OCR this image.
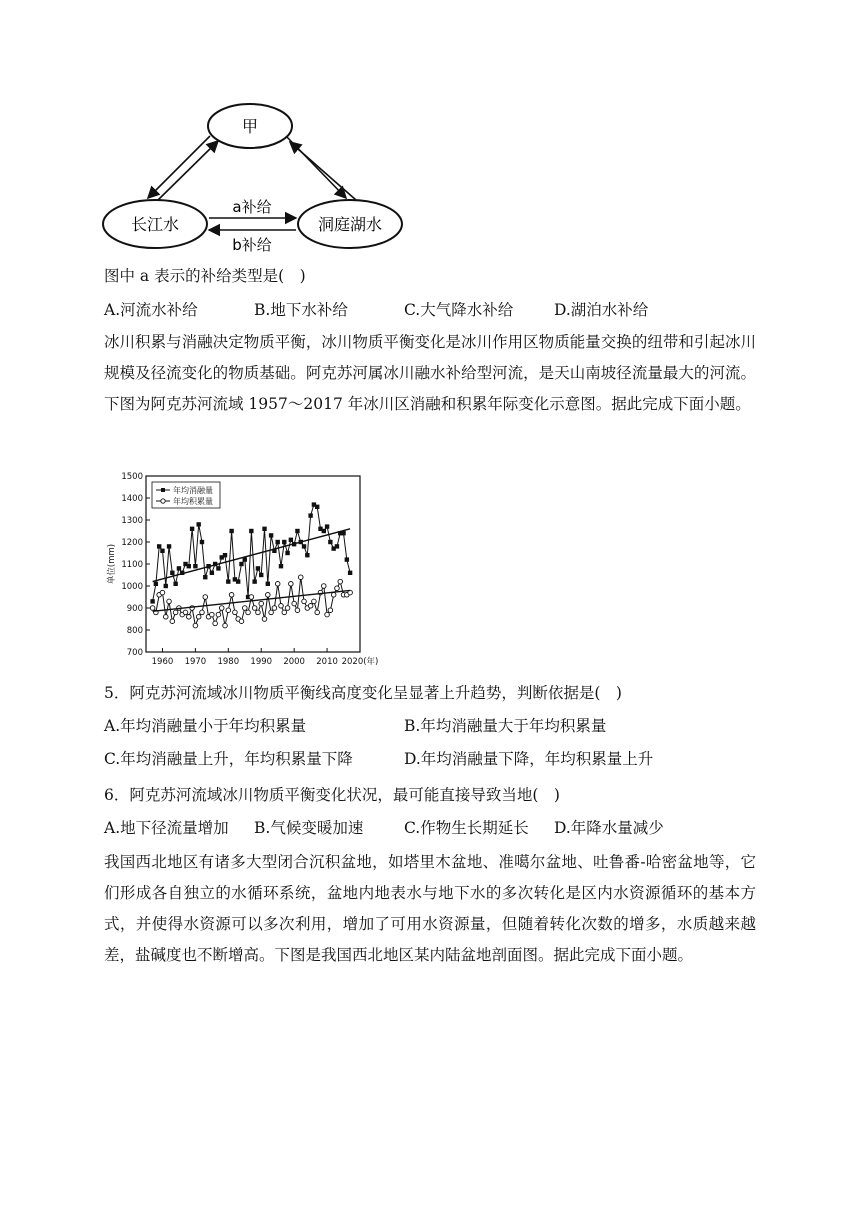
甲
长江水	洞庭湖水
a补给
b补给
图中 a 表示的补给类型是(　)
A.河流水补给	B.地下水补给	C.大气降水补给	D.湖泊水补给
冰川积累与消融决定物质平衡，冰川物质平衡变化是冰川作用区物质能量交换的纽带和引起冰川规模及径流变化的物质基础。阿克苏河属冰川融水补给型河流，是天山南坡径流量最大的河流。下图为阿克苏河流域 1957～2017 年冰川区消融和积累年际变化示意图。据此完成下面小题。
700
800
900
1000
1100
1200
1300
1400
1500
1960 1970 1980 1990 2000 2010 2020(年)
单位(mm)
年均消融量
年均积累量
5．阿克苏河流域冰川物质平衡线高度变化呈显著上升趋势，判断依据是(　)
A.年均消融量小于年均积累量	B.年均消融量大于年均积累量
C.年均消融量上升，年均积累量下降	D.年均消融量下降，年均积累量上升
6．阿克苏河流域冰川物质平衡变化状况，最可能直接导致当地(　)
A.地下径流量增加 B.气候变暖加速	C.作物生长期延长 D.年降水量减少
我国西北地区有诸多大型闭合沉积盆地，如塔里木盆地、准噶尔盆地、吐鲁番-哈密盆地等，它们形成各自独立的水循环系统，盆地内地表水与地下水的多次转化是区内水资源循环的基本方式，并使得水资源可以多次利用，增加了可用水资源量，但随着转化次数的增多，水质越来越差，盐碱度也不断增高。下图是我国西北地区某内陆盆地剖面图。据此完成下面小题。
